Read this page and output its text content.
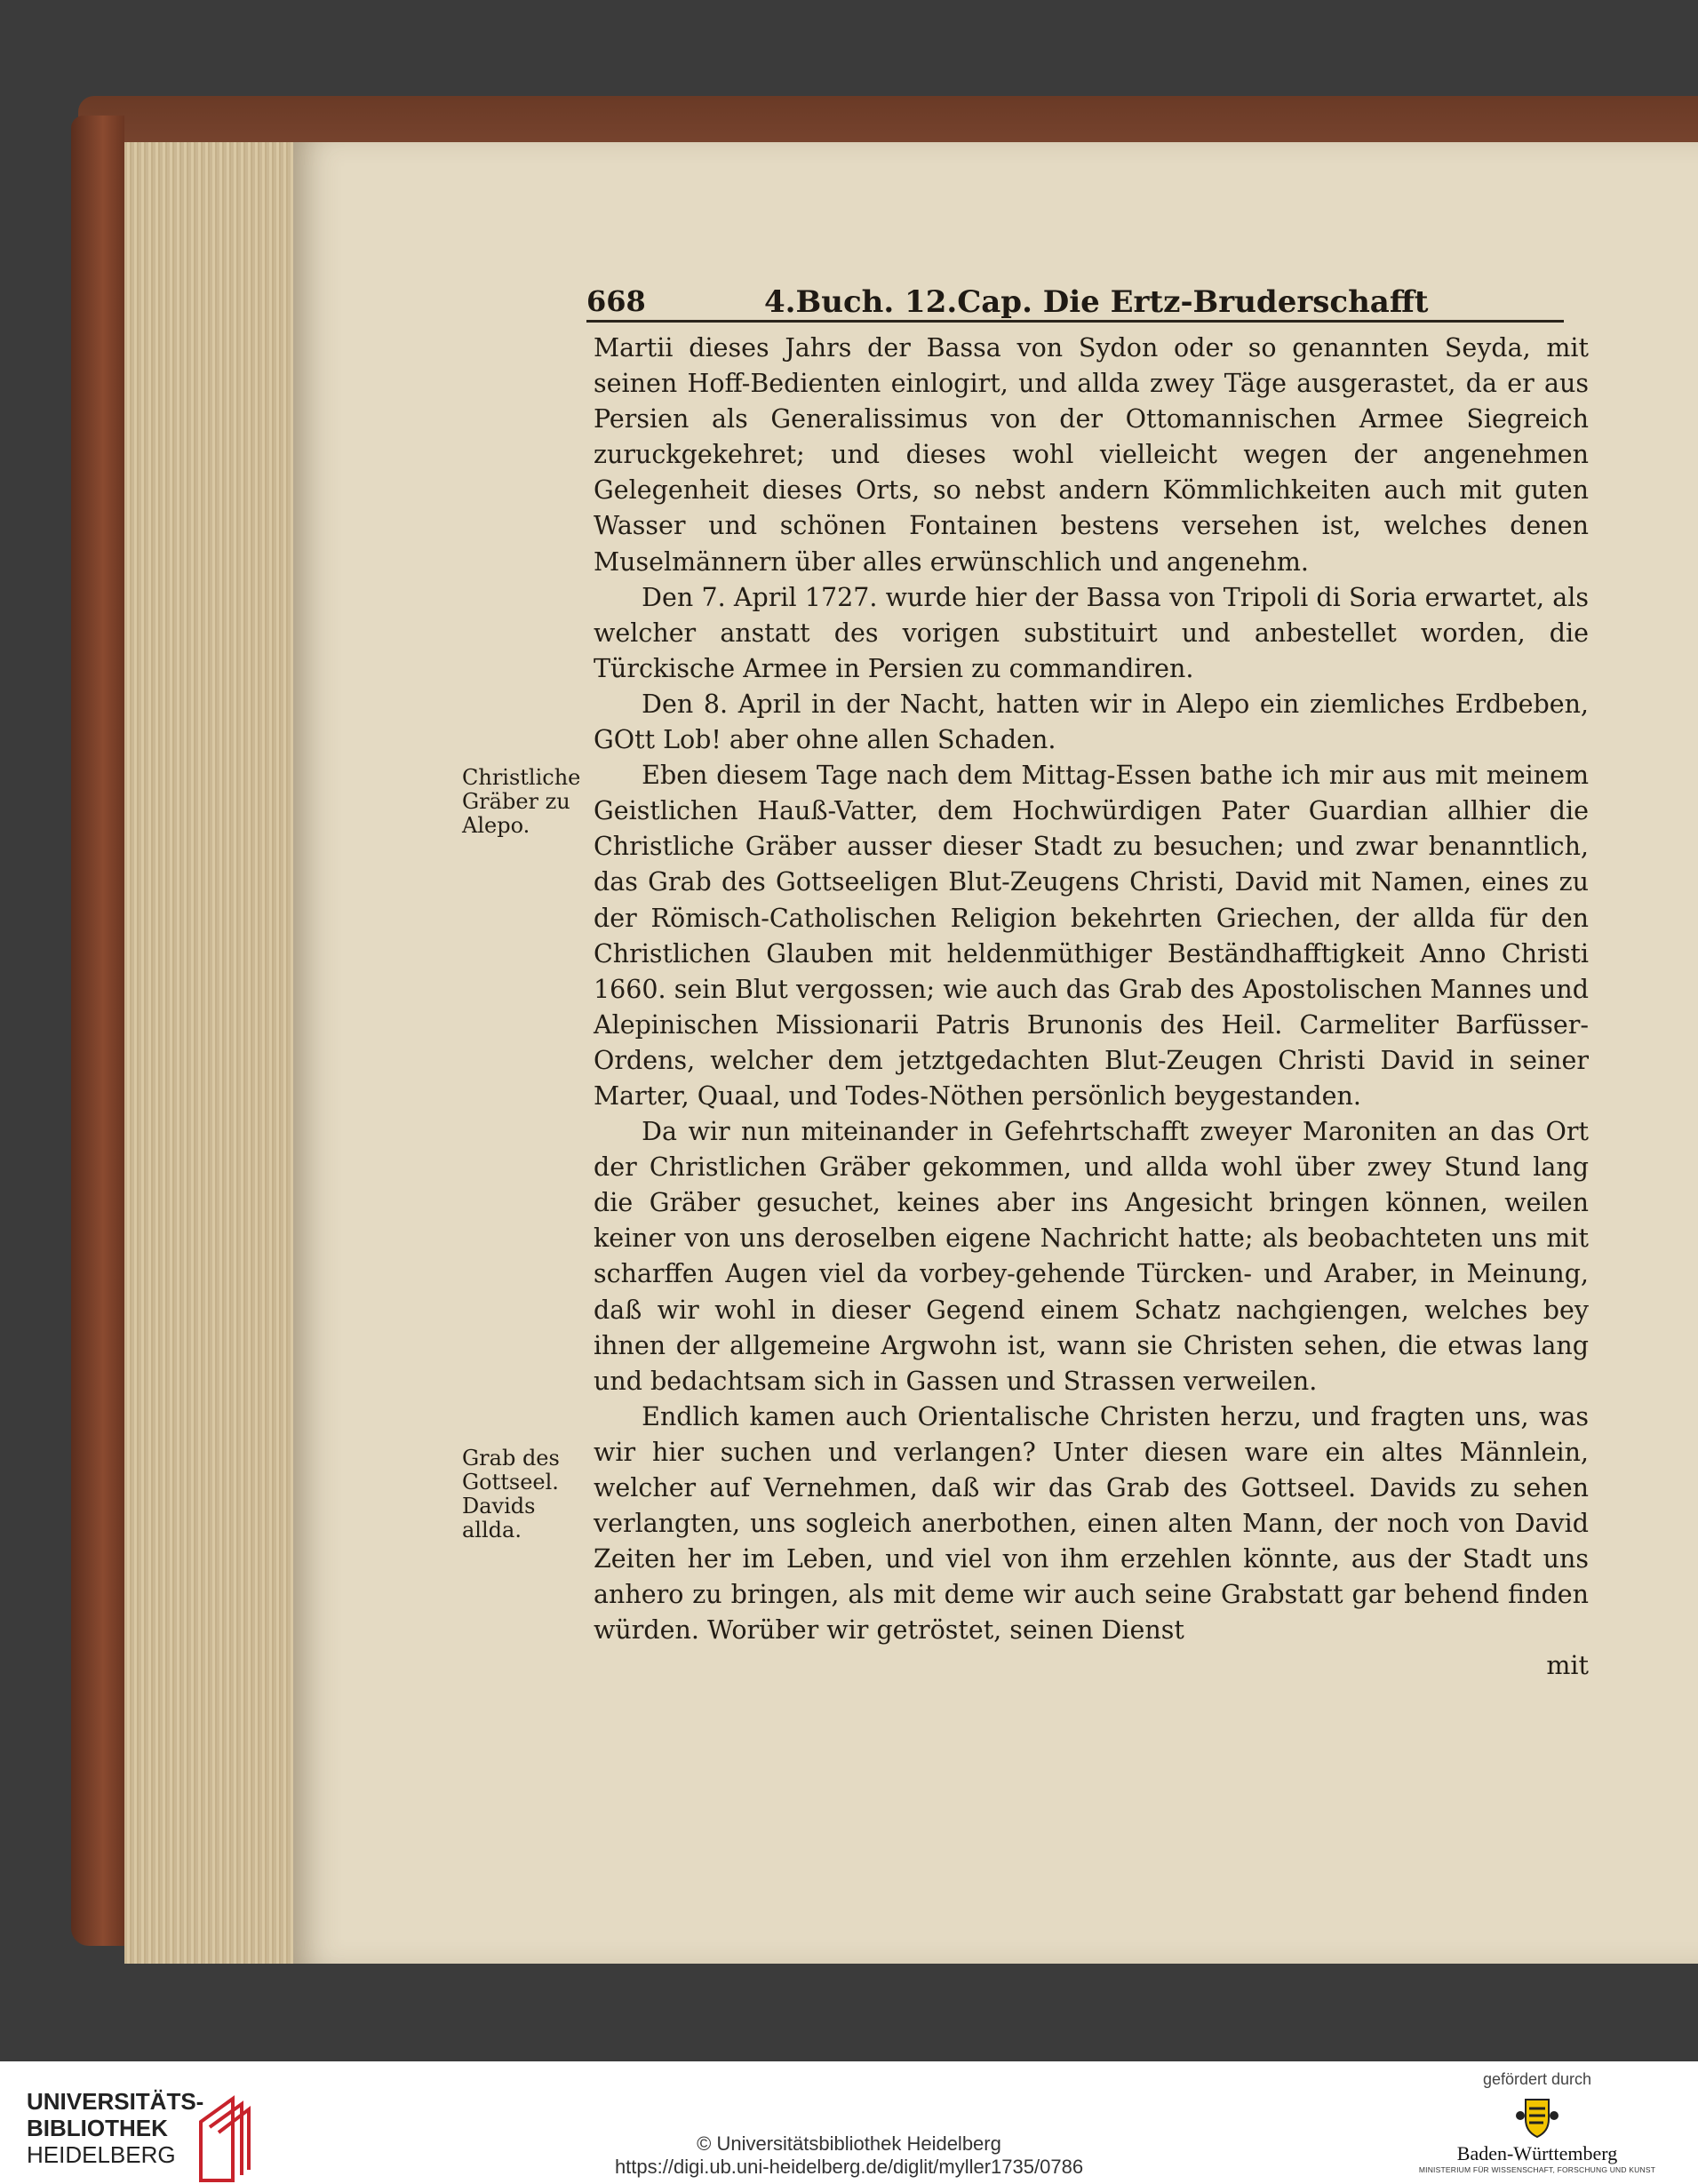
668	4.Buch. 12.Cap. Die Ertz-Bruderschafft
Christliche Gräber zu Alepo.
Grab des Gottseel. Davids allda.

Martii dieses Jahrs der Bassa von Sydon oder so genannten Seyda, mit seinen Hoff-Bedienten einlogirt, und allda zwey Täge ausgerastet, da er aus Persien als Generalissimus von der Ottomannischen Armee Siegreich zuruckgekehret; und dieses wohl vielleicht wegen der angenehmen Gelegenheit dieses Orts, so nebst andern Kömmlichkeiten auch mit guten Wasser und schönen Fontainen bestens versehen ist, welches denen Muselmännern über alles erwünschlich und angenehm.

Den 7. April 1727. wurde hier der Bassa von Tripoli di Soria erwartet, als welcher anstatt des vorigen substituirt und anbestellet worden, die Türckische Armee in Persien zu commandiren.

Den 8. April in der Nacht, hatten wir in Alepo ein ziemliches Erdbeben, GOtt Lob! aber ohne allen Schaden.

Eben diesem Tage nach dem Mittag-Essen bathe ich mir aus mit meinem Geistlichen Hauß-Vatter, dem Hochwürdigen Pater Guardian allhier die Christliche Gräber ausser dieser Stadt zu besuchen; und zwar benanntlich, das Grab des Gottseeligen Blut-Zeugens Christi, David mit Namen, eines zu der Römisch-Catholischen Religion bekehrten Griechen, der allda für den Christlichen Glauben mit heldenmüthiger Beständhafftigkeit Anno Christi 1660. sein Blut vergossen; wie auch das Grab des Apostolischen Mannes und Alepinischen Missionarii Patris Brunonis des Heil. Carmeliter Barfüsser-Ordens, welcher dem jetztgedachten Blut-Zeugen Christi David in seiner Marter, Quaal, und Todes-Nöthen persönlich beygestanden.

Da wir nun miteinander in Gefehrtschafft zweyer Maroniten an das Ort der Christlichen Gräber gekommen, und allda wohl über zwey Stund lang die Gräber gesuchet, keines aber ins Angesicht bringen können, weilen keiner von uns deroselben eigene Nachricht hatte; als beobachteten uns mit scharffen Augen viel da vorbey-gehende Türcken- und Araber, in Meinung, daß wir wohl in dieser Gegend einem Schatz nachgiengen, welches bey ihnen der allgemeine Argwohn ist, wann sie Christen sehen, die etwas lang und bedachtsam sich in Gassen und Strassen verweilen.

Endlich kamen auch Orientalische Christen herzu, und fragten uns, was wir hier suchen und verlangen? Unter diesen ware ein altes Männlein, welcher auf Vernehmen, daß wir das Grab des Gottseel. Davids zu sehen verlangten, uns sogleich anerbothen, einen alten Mann, der noch von David Zeiten her im Leben, und viel von ihm erzehlen könnte, aus der Stadt uns anhero zu bringen, als mit deme wir auch seine Grabstatt gar behend finden würden. Worüber wir getröstet, seinen Dienst

mit
UNIVERSITÄTS-
BIBLIOTHEK
HEIDELBERG	© Universitätsbibliothek Heidelberg
https://digi.ub.uni-heidelberg.de/diglit/myller1735/0786
gefördert durch
Baden-Württemberg
MINISTERIUM FÜR WISSENSCHAFT, FORSCHUNG UND KUNST
